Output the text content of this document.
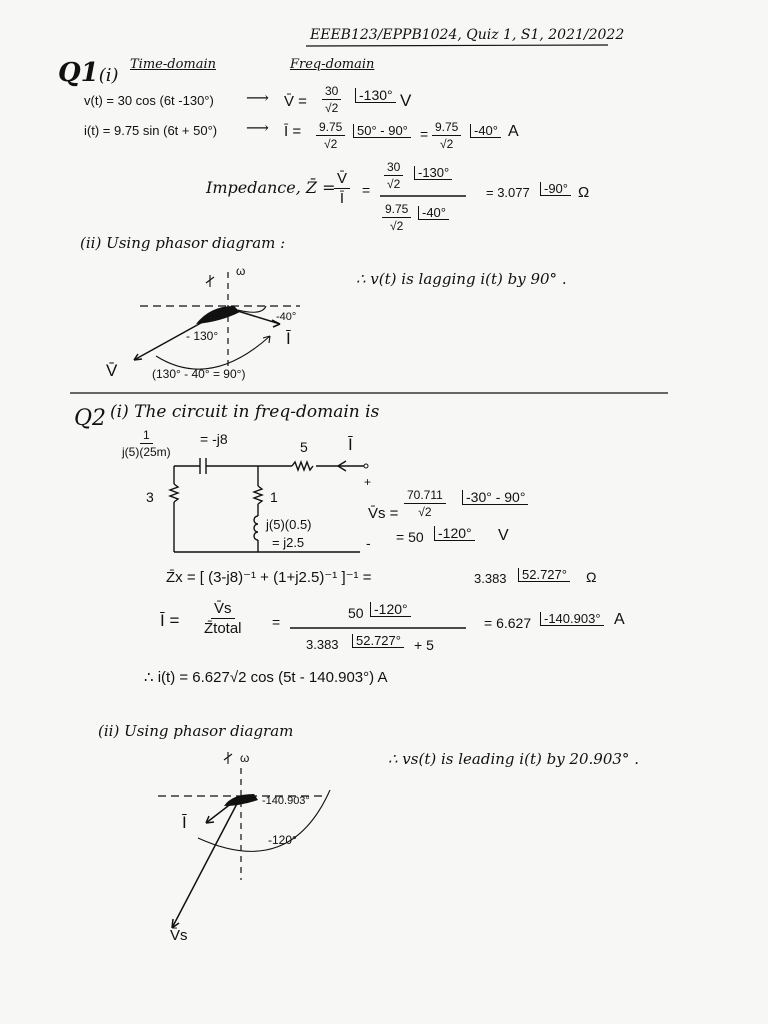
EEEB123/EPPB1024, Quiz 1, S1, 2021/2022
Q1(i)
Time-domain	Freq-domain
v(t) = 30 cos (6t -130°) ⟶ V̄ = $\frac{30}{√2} -130^\circ$ V
i(t) = 9.75 sin (6t + 50°) ⟶ Ī = $\frac{9.75}{√2} 50^\circ - 90^\circ = \frac{9.75}{√2} -40^\circ$ A
Impedance, Z̄ =
$\frac{V̄}{Ī} = \frac{30}{√2}$	-130°
$\frac{9.75}{√2} -40^\circ$
= 3.077	-90° Ω
(ii) Using phasor diagram :
ω
-40°
Ī
- 130°
V̄	(130° - 40° = 90°)
∴ v(t) is lagging i(t) by 90° .
Q2 (i) The circuit in freq-domain is
$\frac{1}{j(5)(25m)} = -j8$	5 Ī
3	1
j(5)(0.5)
= j2.5
+
-
V̄s = $\frac{70.711}{√2} -30^\circ - 90^\circ$
= 50 -120° V
Z̄x = [ (3-j8)⁻¹ + (1+j2.5)⁻¹ ]⁻¹ =	3.383	52.727° Ω
Ī =
V̄s
Z̄total =
50 -120°
3.383	52.727° + 5
= 6.627 -140.903° A
∴ i(t) = 6.627√2 cos (5t - 140.903°) A
(ii) Using phasor diagram
ω
-140.903°
Ī
-120°
V̄s
∴ vs(t) is leading i(t) by 20.903° .
